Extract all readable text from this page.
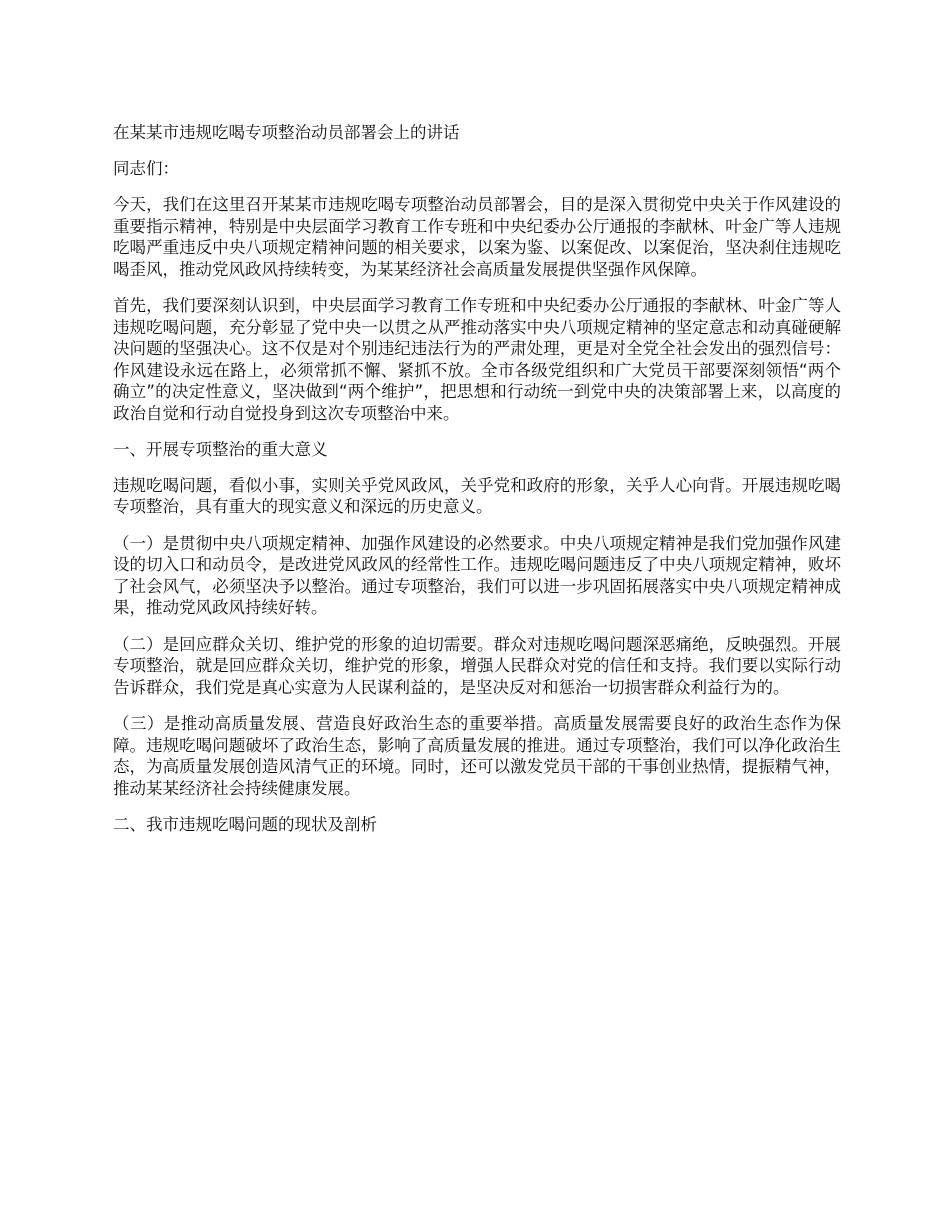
在某某市违规吃喝专项整治动员部署会上的讲话

同志们：

今天，我们在这里召开某某市违规吃喝专项整治动员部署会，目的是深入贯彻党中央关于作风建设的重要指示精神，特别是中央层面学习教育工作专班和中央纪委办公厅通报的李献林、叶金广等人违规吃喝严重违反中央八项规定精神问题的相关要求，以案为鉴、以案促改、以案促治，坚决刹住违规吃喝歪风，推动党风政风持续转变，为某某经济社会高质量发展提供坚强作风保障。

首先，我们要深刻认识到，中央层面学习教育工作专班和中央纪委办公厅通报的李献林、叶金广等人违规吃喝问题，充分彰显了党中央一以贯之从严推动落实中央八项规定精神的坚定意志和动真碰硬解决问题的坚强决心。这不仅是对个别违纪违法行为的严肃处理，更是对全党全社会发出的强烈信号：作风建设永远在路上，必须常抓不懈、紧抓不放。全市各级党组织和广大党员干部要深刻领悟“两个确立”的决定性意义，坚决做到“两个维护”，把思想和行动统一到党中央的决策部署上来，以高度的政治自觉和行动自觉投身到这次专项整治中来。

一、开展专项整治的重大意义

违规吃喝问题，看似小事，实则关乎党风政风，关乎党和政府的形象，关乎人心向背。开展违规吃喝专项整治，具有重大的现实意义和深远的历史意义。

（一）是贯彻中央八项规定精神、加强作风建设的必然要求。中央八项规定精神是我们党加强作风建设的切入口和动员令，是改进党风政风的经常性工作。违规吃喝问题违反了中央八项规定精神，败坏了社会风气，必须坚决予以整治。通过专项整治，我们可以进一步巩固拓展落实中央八项规定精神成果，推动党风政风持续好转。

（二）是回应群众关切、维护党的形象的迫切需要。群众对违规吃喝问题深恶痛绝，反映强烈。开展专项整治，就是回应群众关切，维护党的形象，增强人民群众对党的信任和支持。我们要以实际行动告诉群众，我们党是真心实意为人民谋利益的，是坚决反对和惩治一切损害群众利益行为的。

（三）是推动高质量发展、营造良好政治生态的重要举措。高质量发展需要良好的政治生态作为保障。违规吃喝问题破坏了政治生态，影响了高质量发展的推进。通过专项整治，我们可以净化政治生态，为高质量发展创造风清气正的环境。同时，还可以激发党员干部的干事创业热情，提振精气神，推动某某经济社会持续健康发展。

二、我市违规吃喝问题的现状及剖析
